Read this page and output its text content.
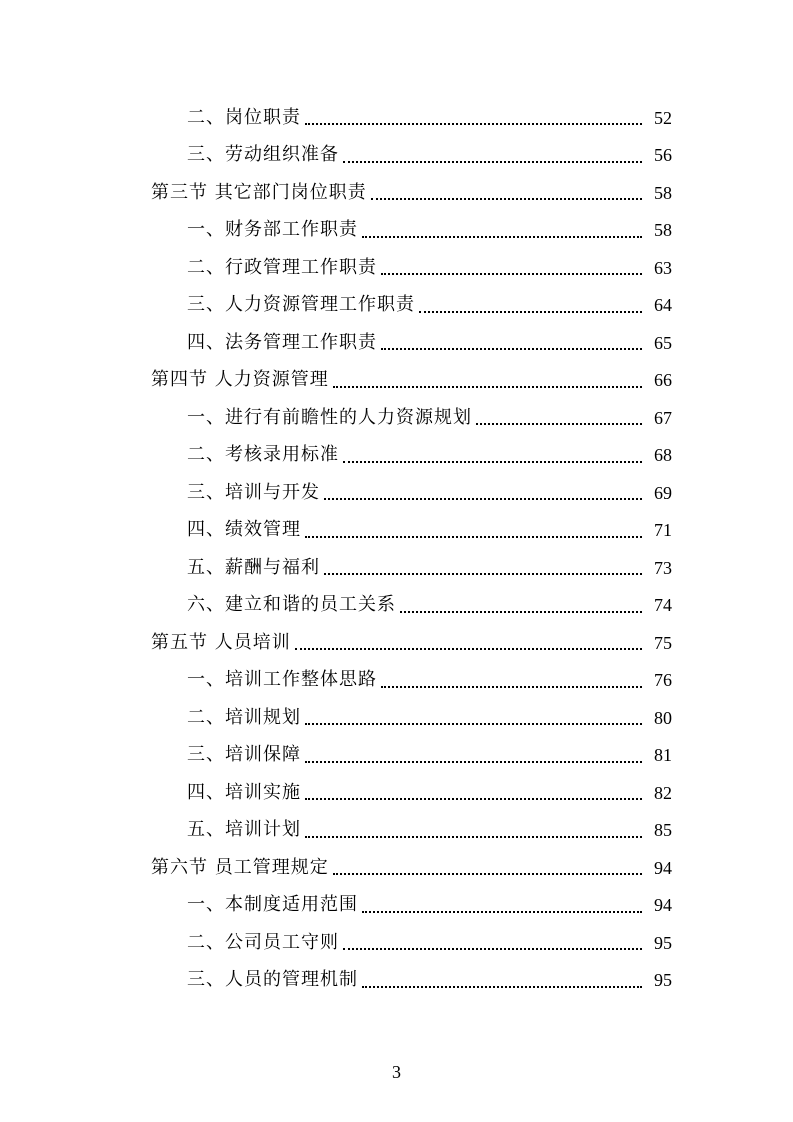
二、岗位职责	52
三、劳动组织准备	56
第三节 其它部门岗位职责	58
一、财务部工作职责	58
二、行政管理工作职责	63
三、人力资源管理工作职责	64
四、法务管理工作职责	65
第四节 人力资源管理	66
一、进行有前瞻性的人力资源规划	67
二、考核录用标准	68
三、培训与开发	69
四、绩效管理	71
五、薪酬与福利	73
六、建立和谐的员工关系	74
第五节 人员培训	75
一、培训工作整体思路	76
二、培训规划	80
三、培训保障	81
四、培训实施	82
五、培训计划	85
第六节 员工管理规定	94
一、本制度适用范围	94
二、公司员工守则	95
三、人员的管理机制	95
3
